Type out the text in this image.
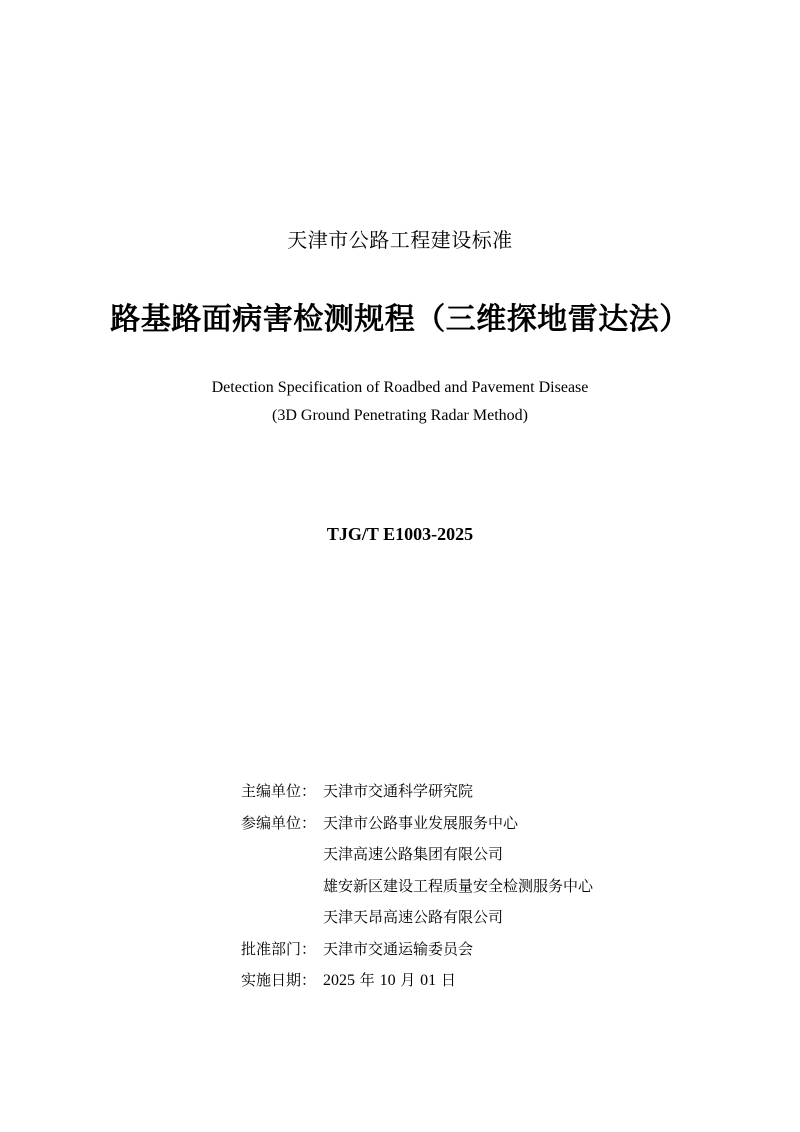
天津市公路工程建设标准
路基路面病害检测规程（三维探地雷达法）
Detection Specification of Roadbed and Pavement Disease
(3D Ground Penetrating Radar Method)
TJG/T E1003-2025
主编单位： 天津市交通科学研究院
参编单位： 天津市公路事业发展服务中心
天津高速公路集团有限公司
雄安新区建设工程质量安全检测服务中心
天津天昂高速公路有限公司
批准部门： 天津市交通运输委员会
实施日期： 2025 年 10 月 01 日
